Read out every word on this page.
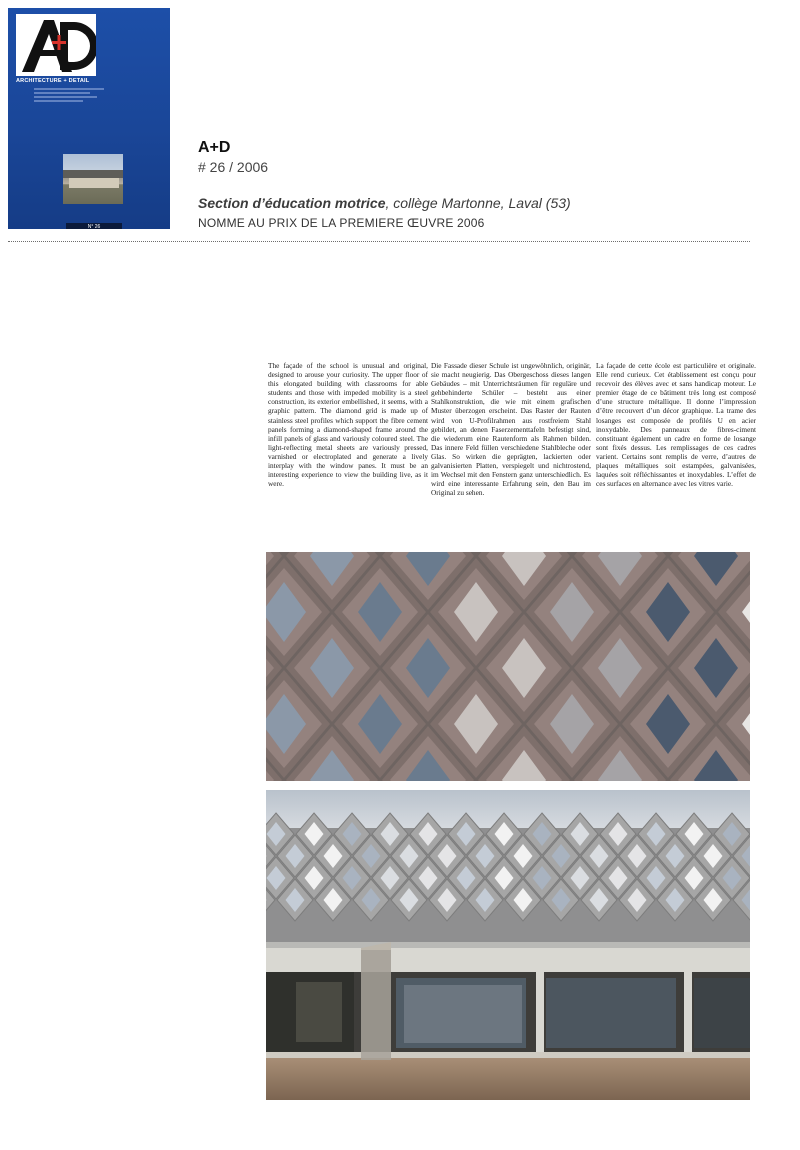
ARCHITECTURE + DETAIL
N° 26
A+D
# 26 / 2006
Section d’éducation motrice, collège Martonne, Laval (53)
NOMME AU PRIX DE LA PREMIERE ŒUVRE 2006
The façade of the school is unusual and original, designed to arouse your curiosity. The upper floor of this elongated building with classrooms for able students and those with impeded mobility is a steel construction, its exterior embellished, it seems, with a graphic pattern. The diamond grid is made up of stainless steel profiles which support the fibre cement panels forming a diamond-shaped frame around the infill panels of glass and variously coloured steel. The light-reflecting metal sheets are variously pressed, varnished or electroplated and generate a lively interplay with the window panes. It must be an interesting experience to view the building live, as it were.
Die Fassade dieser Schule ist ungewöhnlich, originär, sie macht neugierig. Das Obergeschoss dieses langen Gebäudes – mit Unterrichtsräumen für reguläre und gehbehinderte Schüler – besteht aus einer Stahlkonstruktion, die wie mit einem grafischen Muster überzogen erscheint. Das Raster der Rauten wird von U-Profilrahmen aus rostfreiem Stahl gebildet, an denen Faserzementtafeln befestigt sind, die wiederum eine Rautenform als Rahmen bilden. Das innere Feld füllen verschiedene Stahlbleche oder Glas. So wirken die geprägten, lackierten oder galvanisierten Platten, verspiegelt und nichtrostend, im Wechsel mit den Fenstern ganz unterschiedlich. Es wird eine interessante Erfahrung sein, den Bau im Original zu sehen.
La façade de cette école est particulière et originale. Elle rend curieux. Cet établissement est conçu pour recevoir des élèves avec et sans handicap moteur. Le premier étage de ce bâtiment très long est composé d’une structure métallique. Il donne l’impression d’être recouvert d’un décor graphique. La trame des losanges est composée de profilés U en acier inoxydable. Des panneaux de fibres-ciment constituant également un cadre en forme de losange sont fixés dessus. Les remplissages de ces cadres varient. Certains sont remplis de verre, d’autres de plaques métalliques soit estampées, galvanisées, laquées soit réfléchissantes et inoxydables. L’effet de ces surfaces en alternance avec les vitres varie.
